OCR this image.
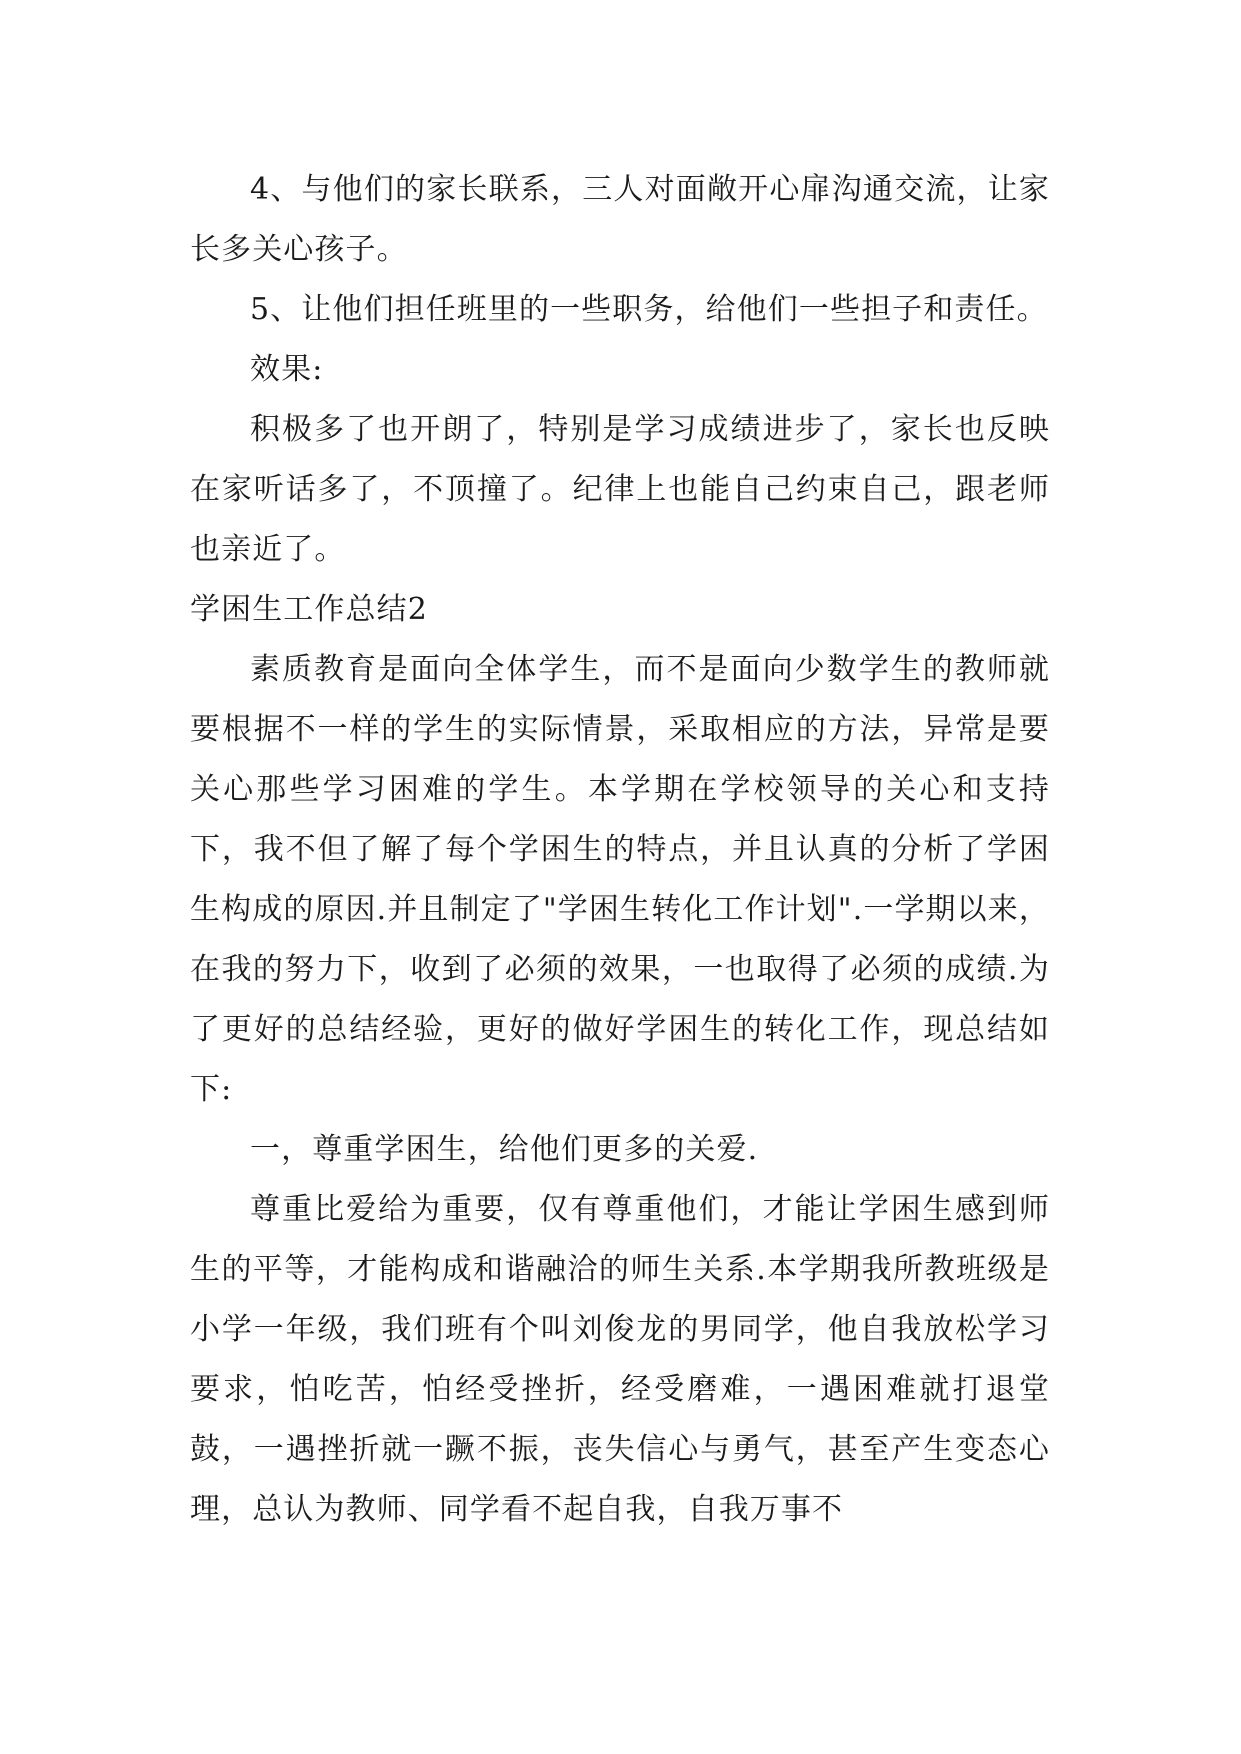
4、与他们的家长联系，三人对面敞开心扉沟通交流，让家长多关心孩子。

5、让他们担任班里的一些职务，给他们一些担子和责任。

效果:

积极多了也开朗了，特别是学习成绩进步了，家长也反映在家听话多了，不顶撞了。纪律上也能自己约束自己，跟老师也亲近了。

学困生工作总结2

素质教育是面向全体学生，而不是面向少数学生的教师就要根据不一样的学生的实际情景，采取相应的方法，异常是要关心那些学习困难的学生。本学期在学校领导的关心和支持下，我不但了解了每个学困生的特点，并且认真的分析了学困生构成的原因.并且制定了"学困生转化工作计划".一学期以来，在我的努力下，收到了必须的效果，一也取得了必须的成绩.为了更好的总结经验，更好的做好学困生的转化工作，现总结如下:

一，尊重学困生，给他们更多的关爱.

尊重比爱给为重要，仅有尊重他们，才能让学困生感到师生的平等，才能构成和谐融洽的师生关系.本学期我所教班级是小学一年级，我们班有个叫刘俊龙的男同学，他自我放松学习要求，怕吃苦，怕经受挫折，经受磨难，一遇困难就打退堂鼓，一遇挫折就一蹶不振，丧失信心与勇气，甚至产生变态心理，总认为教师、同学看不起自我，自我万事不
